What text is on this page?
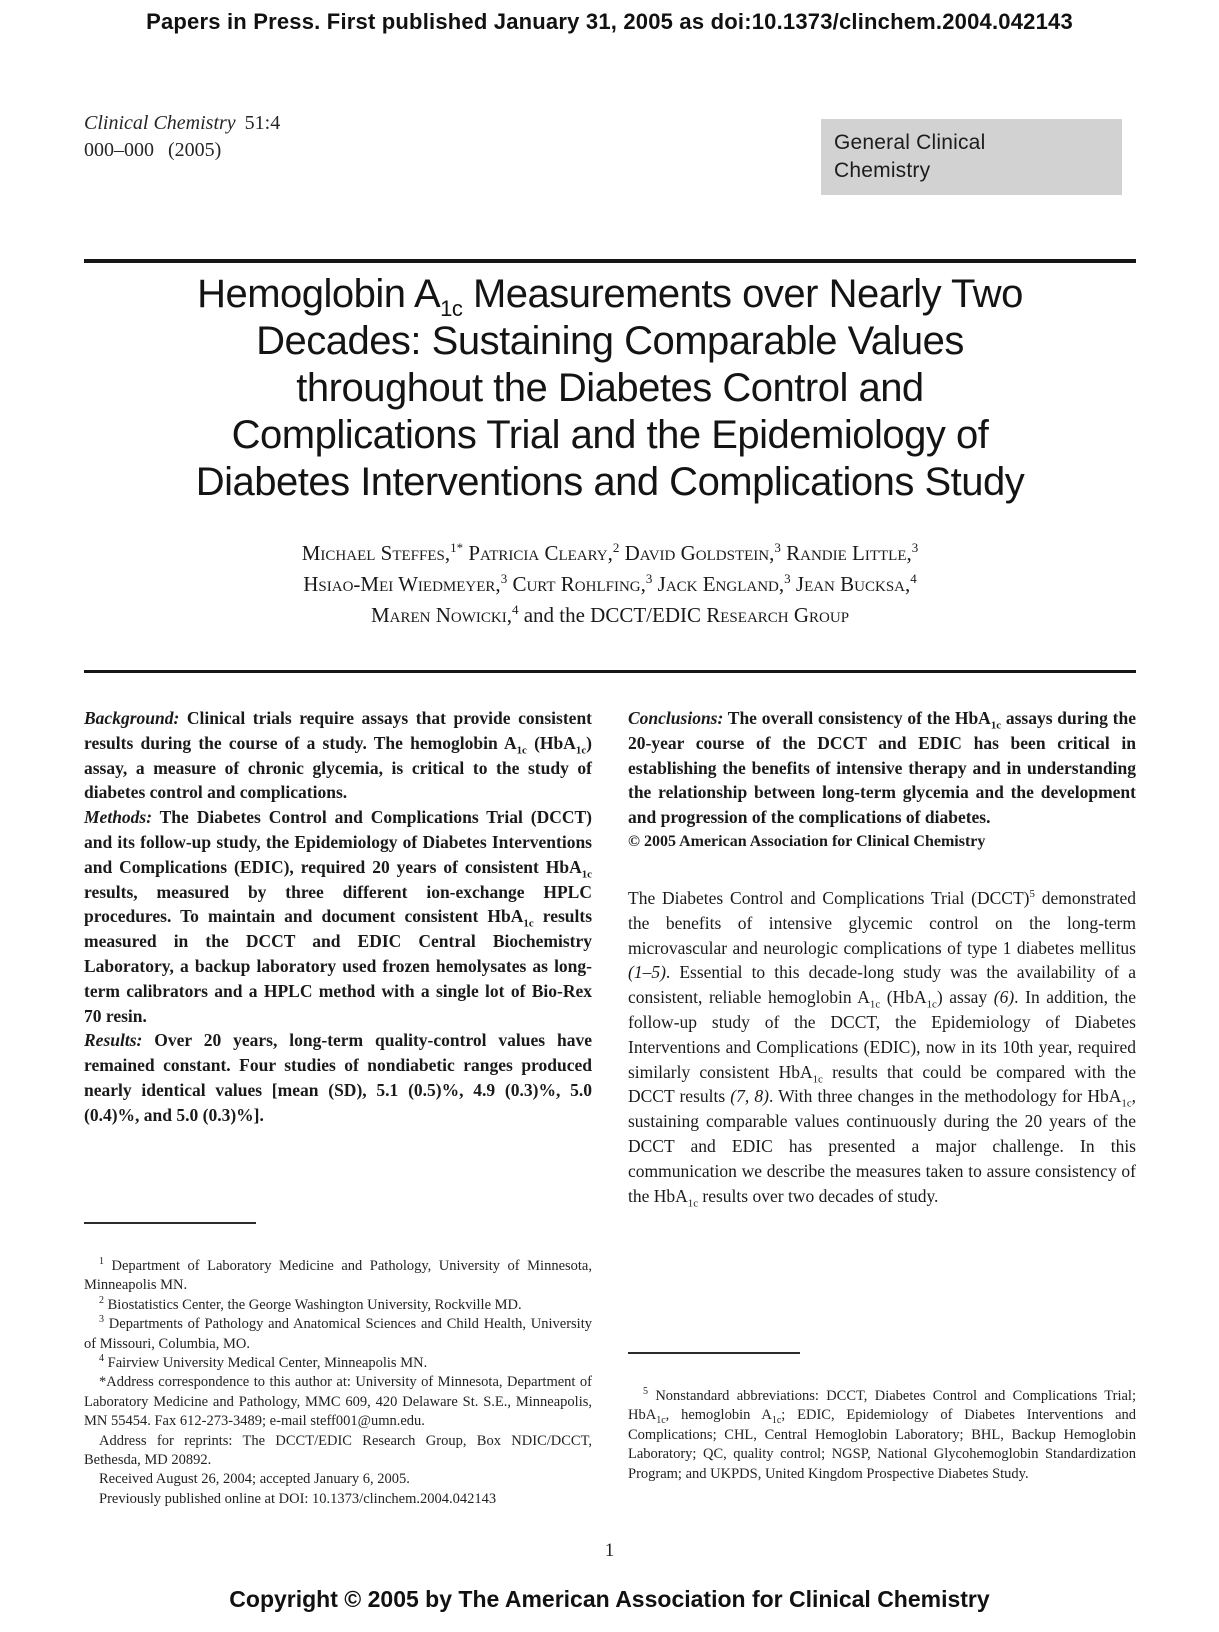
Papers in Press. First published January 31, 2005 as doi:10.1373/clinchem.2004.042143
Clinical Chemistry 51:4
000–000 (2005)	General Clinical
Chemistry
Hemoglobin $A_{1c}$ Measurements over Nearly Two
Decades: Sustaining Comparable Values
throughout the Diabetes Control and
Complications Trial and the Epidemiology of
Diabetes Interventions and Complications Study
Michael Steffes,$^{1*}$ Patricia Cleary,$^2$ David Goldstein,$^3$ Randie Little,$^3$
Hsiao-Mei Wiedmeyer,$^3$ Curt Rohlfing,$^3$ Jack England,$^3$ Jean Bucksa,$^4$
Maren Nowicki,$^4$ and the DCCT/EDIC Research Group

Background: Clinical trials require assays that provide consistent results during the course of a study. The hemoglobin $A_{1c}$ (HbA$_{1c}$) assay, a measure of chronic glycemia, is critical to the study of diabetes control and complications.

Methods: The Diabetes Control and Complications Trial (DCCT) and its follow-up study, the Epidemiology of Diabetes Interventions and Complications (EDIC), required 20 years of consistent HbA$_{1c}$ results, measured by three different ion-exchange HPLC procedures. To maintain and document consistent HbA$_{1c}$ results measured in the DCCT and EDIC Central Biochemistry Laboratory, a backup laboratory used frozen hemolysates as long-term calibrators and a HPLC method with a single lot of Bio-Rex 70 resin.

Results: Over 20 years, long-term quality-control values have remained constant. Four studies of nondiabetic ranges produced nearly identical values [mean (SD), 5.1 (0.5)%, 4.9 (0.3)%, 5.0 (0.4)%, and 5.0 (0.3)%].

Conclusions: The overall consistency of the HbA$_{1c}$ assays during the 20-year course of the DCCT and EDIC has been critical in establishing the benefits of intensive therapy and in understanding the relationship between long-term glycemia and the development and progression of the complications of diabetes.

© 2005 American Association for Clinical Chemistry

The Diabetes Control and Complications Trial (DCCT)$^5$ demonstrated the benefits of intensive glycemic control on the long-term microvascular and neurologic complications of type 1 diabetes mellitus (1–5). Essential to this decade-long study was the availability of a consistent, reliable hemoglobin $A_{1c}$ (HbA$_{1c}$) assay (6). In addition, the follow-up study of the DCCT, the Epidemiology of Diabetes Interventions and Complications (EDIC), now in its 10th year, required similarly consistent HbA$_{1c}$ results that could be compared with the DCCT results (7, 8). With three changes in the methodology for HbA$_{1c}$, sustaining comparable values continuously during the 20 years of the DCCT and EDIC has presented a major challenge. In this communication we describe the measures taken to assure consistency of the HbA$_{1c}$ results over two decades of study.

$^1$ Department of Laboratory Medicine and Pathology, University of Minnesota, Minneapolis MN.

$^2$ Biostatistics Center, the George Washington University, Rockville MD.

$^3$ Departments of Pathology and Anatomical Sciences and Child Health, University of Missouri, Columbia, MO.

$^4$ Fairview University Medical Center, Minneapolis MN.

*Address correspondence to this author at: University of Minnesota, Department of Laboratory Medicine and Pathology, MMC 609, 420 Delaware St. S.E., Minneapolis, MN 55454. Fax 612-273-3489; e-mail steff001@umn.edu.

Address for reprints: The DCCT/EDIC Research Group, Box NDIC/DCCT, Bethesda, MD 20892.

Received August 26, 2004; accepted January 6, 2005.

Previously published online at DOI: 10.1373/clinchem.2004.042143

$^5$ Nonstandard abbreviations: DCCT, Diabetes Control and Complications Trial; HbA$_{1c}$, hemoglobin $A_{1c}$; EDIC, Epidemiology of Diabetes Interventions and Complications; CHL, Central Hemoglobin Laboratory; BHL, Backup Hemoglobin Laboratory; QC, quality control; NGSP, National Glycohemoglobin Standardization Program; and UKPDS, United Kingdom Prospective Diabetes Study.

1
Copyright © 2005 by The American Association for Clinical Chemistry
